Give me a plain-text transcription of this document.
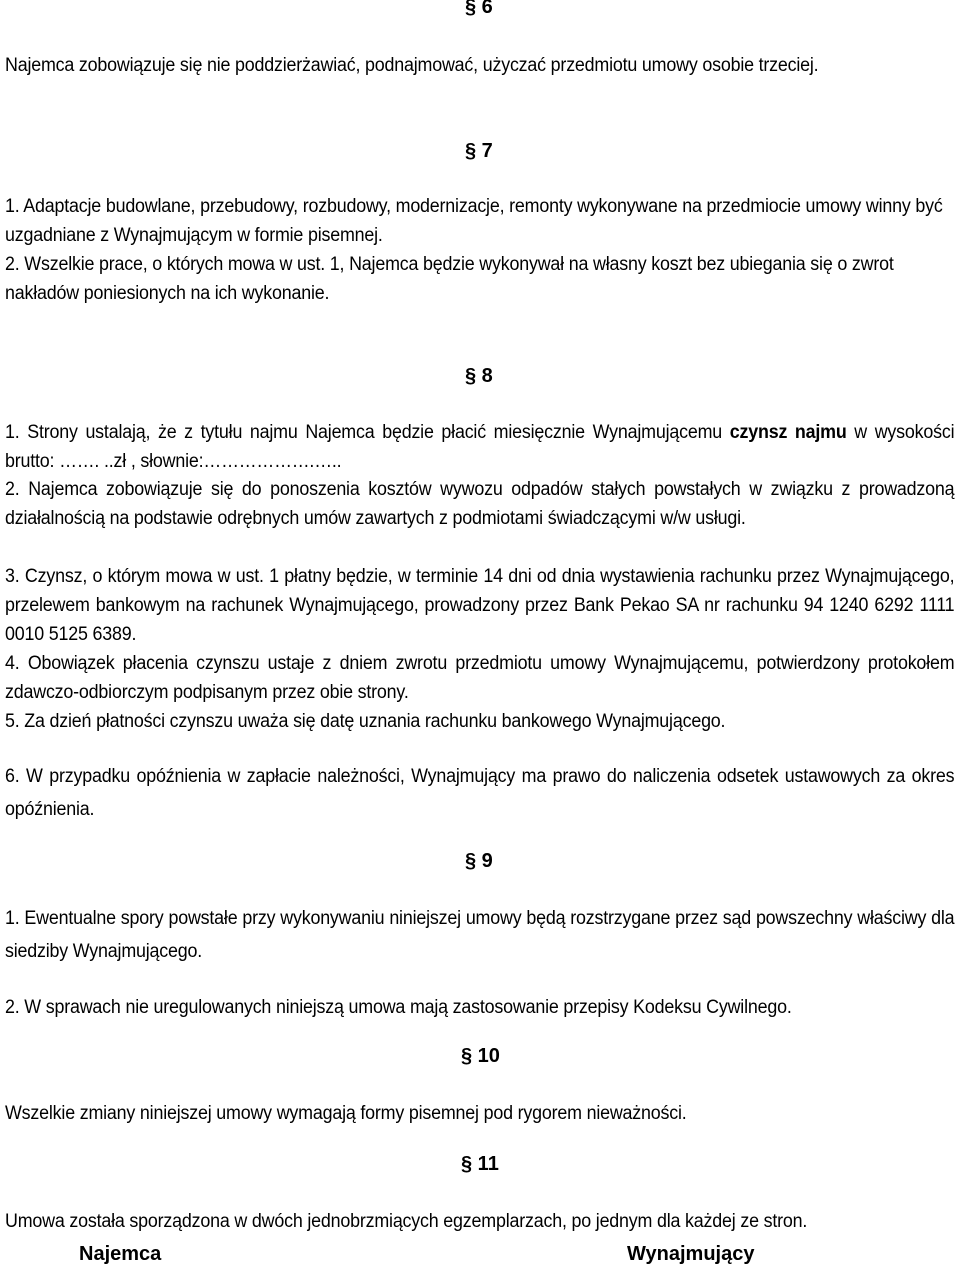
§ 6
Najemca zobowiązuje się nie poddzierżawiać, podnajmować, użyczać przedmiotu umowy osobie trzeciej.
§ 7
1. Adaptacje budowlane, przebudowy, rozbudowy, modernizacje, remonty wykonywane na przedmiocie umowy winny być uzgadniane z Wynajmującym w formie pisemnej.
2. Wszelkie prace, o których mowa w ust. 1, Najemca będzie wykonywał na własny koszt bez ubiegania się o zwrot nakładów poniesionych na ich wykonanie.
§ 8
1. Strony ustalają, że z tytułu najmu Najemca będzie płacić miesięcznie Wynajmującemu czynsz najmu w wysokości brutto: ……. ..zł , słownie:……………….…..
2. Najemca zobowiązuje się do ponoszenia kosztów wywozu odpadów stałych powstałych w związku z prowadzoną działalnością na podstawie odrębnych umów zawartych z podmiotami świadczącymi w/w usługi.
3. Czynsz, o którym mowa w ust. 1 płatny będzie, w terminie 14 dni od dnia wystawienia rachunku przez Wynajmującego, przelewem bankowym na rachunek Wynajmującego, prowadzony przez Bank Pekao SA nr rachunku 94 1240 6292 1111 0010 5125 6389.
4. Obowiązek płacenia czynszu ustaje z dniem zwrotu przedmiotu umowy Wynajmującemu, potwierdzony protokołem zdawczo-odbiorczym podpisanym przez obie strony.
5. Za dzień płatności czynszu uważa się datę uznania rachunku bankowego Wynajmującego.
6. W przypadku opóźnienia w zapłacie należności, Wynajmujący ma prawo do naliczenia odsetek ustawowych za okres opóźnienia.
§ 9
1. Ewentualne spory powstałe przy wykonywaniu niniejszej umowy będą rozstrzygane przez sąd powszechny właściwy dla siedziby Wynajmującego.
2. W sprawach nie uregulowanych niniejszą umowa mają zastosowanie przepisy Kodeksu Cywilnego.
§ 10
Wszelkie zmiany niniejszej umowy wymagają formy pisemnej pod rygorem nieważności.
§ 11
Umowa została sporządzona w dwóch jednobrzmiących egzemplarzach, po jednym dla każdej ze stron.
Najemca	Wynajmujący
